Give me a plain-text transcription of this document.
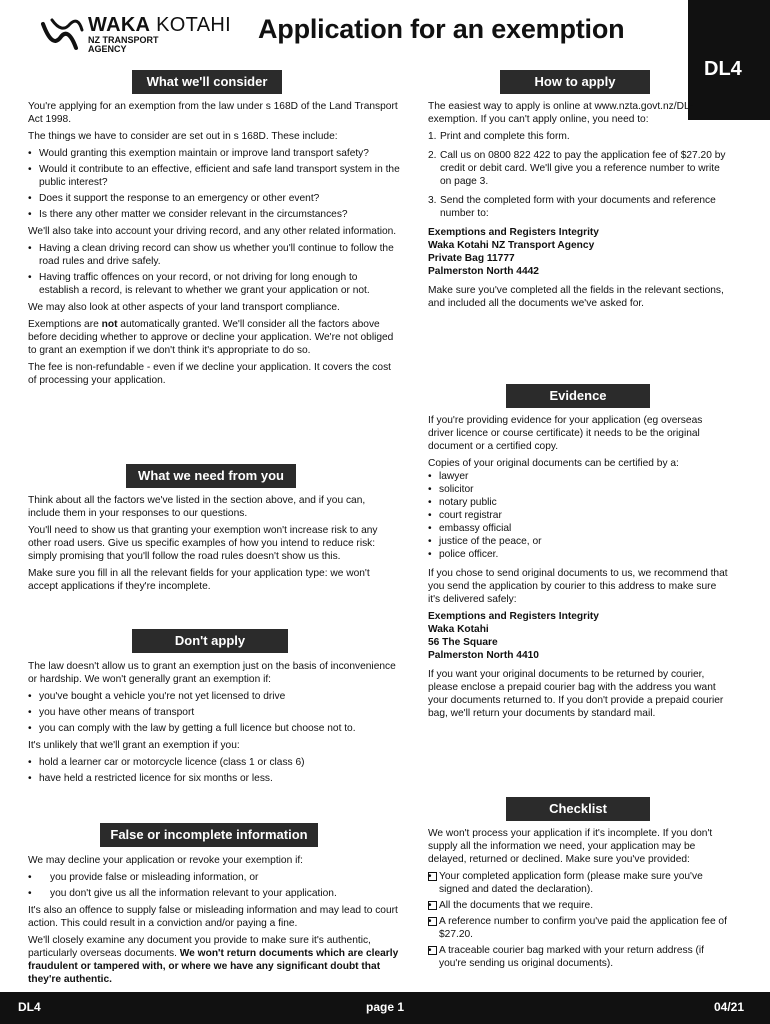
WAKA KOTAHI
NZ TRANSPORT
AGENCY
Application for an exemption
DL4
What we'll consider

You're applying for an exemption from the law under s 168D of the Land Transport Act 1998.

The things we have to consider are set out in s 168D. These include:

• Would granting this exemption maintain or improve land transport safety?
• Would it contribute to an effective, efficient and safe land transport system in the public interest?
• Does it support the response to an emergency or other event?
• Is there any other matter we consider relevant in the circumstances?

We'll also take into account your driving record, and any other related information.

• Having a clean driving record can show us whether you'll continue to follow the road rules and drive safely.
• Having traffic offences on your record, or not driving for long enough to establish a record, is relevant to whether we grant your application or not.

We may also look at other aspects of your land transport compliance.

Exemptions are not automatically granted. We'll consider all the factors above before deciding whether to approve or decline your application. We're not obliged to grant an exemption if we don't think it's appropriate to do so.

The fee is non-refundable - even if we decline your application. It covers the cost of processing your application.

What we need from you

Think about all the factors we've listed in the section above, and if you can, include them in your responses to our questions.

You'll need to show us that granting your exemption won't increase risk to any other road users. Give us specific examples of how you intend to reduce risk: simply promising that you'll follow the road rules doesn't show us this.

Make sure you fill in all the relevant fields for your application type: we won't accept applications if they're incomplete.

Don't apply

The law doesn't allow us to grant an exemption just on the basis of inconvenience or hardship. We won't generally grant an exemption if:

• you've bought a vehicle you're not yet licensed to drive
• you have other means of transport
• you can comply with the law by getting a full licence but choose not to.

It's unlikely that we'll grant an exemption if you:

• hold a learner car or motorcycle licence (class 1 or class 6)
• have held a restricted licence for six months or less.
False or incomplete information

We may decline your application or revoke your exemption if:

• you provide false or misleading information, or
• you don't give us all the information relevant to your application.

It's also an offence to supply false or misleading information and may lead to court action. This could result in a conviction and/or paying a fine.

We'll closely examine any document you provide to make sure it's authentic, particularly overseas documents. We won't return documents which are clearly fraudulent or tampered with, or where we have any significant doubt that they're authentic.

How to apply

The easiest way to apply is online at www.nzta.govt.nz/DL-exemption. If you can't apply online, you need to:

1. Print and complete this form.
2. Call us on 0800 822 422 to pay the application fee of $27.20 by credit or debit card. We'll give you a reference number to write on page 3.
3. Send the completed form with your documents and reference number to:
Exemptions and Registers Integrity
Waka Kotahi NZ Transport Agency
Private Bag 11777
Palmerston North 4442

Make sure you've completed all the fields in the relevant sections, and included all the documents we've asked for.

Evidence

If you're providing evidence for your application (eg overseas driver licence or course certificate) it needs to be the original document or a certified copy.

Copies of your original documents can be certified by a:

• lawyer
• solicitor
• notary public
• court registrar
• embassy official
• justice of the peace, or
• police officer.

If you chose to send original documents to us, we recommend that you send the application by courier to this address to make sure it's delivered safely:

Exemptions and Registers Integrity
Waka Kotahi
56 The Square
Palmerston North 4410

If you want your original documents to be returned by courier, please enclose a prepaid courier bag with the address you want your documents returned to. If you don't provide a prepaid courier bag, we'll return your documents by standard mail.

Checklist

We won't process your application if it's incomplete. If you don't supply all the information we need, your application may be delayed, returned or declined. Make sure you've provided:

• Your completed application form (please make sure you've signed and dated the declaration).
• All the documents that we require.
• A reference number to confirm you've paid the application fee of $27.20.
• A traceable courier bag marked with your return address (if you're sending us original documents).
DL4	page 1	04/21
